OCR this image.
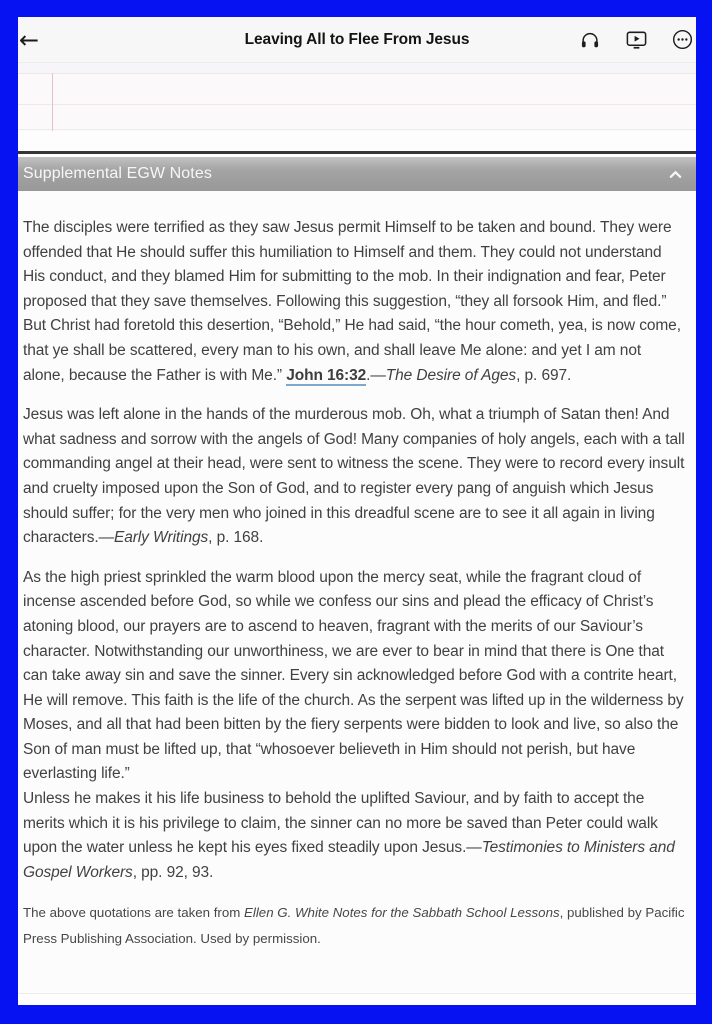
←	Leaving All to Flee From Jesus
Supplemental EGW Notes

The disciples were terrified as they saw Jesus permit Himself to be taken and bound. They were offended that He should suffer this humiliation to Himself and them. They could not understand His conduct, and they blamed Him for submitting to the mob. In their indignation and fear, Peter proposed that they save themselves. Following this suggestion, “they all forsook Him, and fled.” But Christ had foretold this desertion, “Behold,” He had said, “the hour cometh, yea, is now come, that ye shall be scattered, every man to his own, and shall leave Me alone: and yet I am not alone, because the Father is with Me.” John 16:32.—The Desire of Ages, p. 697.

Jesus was left alone in the hands of the murderous mob. Oh, what a triumph of Satan then! And what sadness and sorrow with the angels of God! Many companies of holy angels, each with a tall commanding angel at their head, were sent to witness the scene. They were to record every insult and cruelty imposed upon the Son of God, and to register every pang of anguish which Jesus should suffer; for the very men who joined in this dreadful scene are to see it all again in living characters.—Early Writings, p. 168.

As the high priest sprinkled the warm blood upon the mercy seat, while the fragrant cloud of incense ascended before God, so while we confess our sins and plead the efficacy of Christ’s atoning blood, our prayers are to ascend to heaven, fragrant with the merits of our Saviour’s character. Notwithstanding our unworthiness, we are ever to bear in mind that there is One that can take away sin and save the sinner. Every sin acknowledged before God with a contrite heart, He will remove. This faith is the life of the church. As the serpent was lifted up in the wilderness by Moses, and all that had been bitten by the fiery serpents were bidden to look and live, so also the Son of man must be lifted up, that “whosoever believeth in Him should not perish, but have everlasting life.”
Unless he makes it his life business to behold the uplifted Saviour, and by faith to accept the merits which it is his privilege to claim, the sinner can no more be saved than Peter could walk upon the water unless he kept his eyes fixed steadily upon Jesus.—Testimonies to Ministers and Gospel Workers, pp. 92, 93.

The above quotations are taken from Ellen G. White Notes for the Sabbath School Lessons, published by Pacific Press Publishing Association. Used by permission.
